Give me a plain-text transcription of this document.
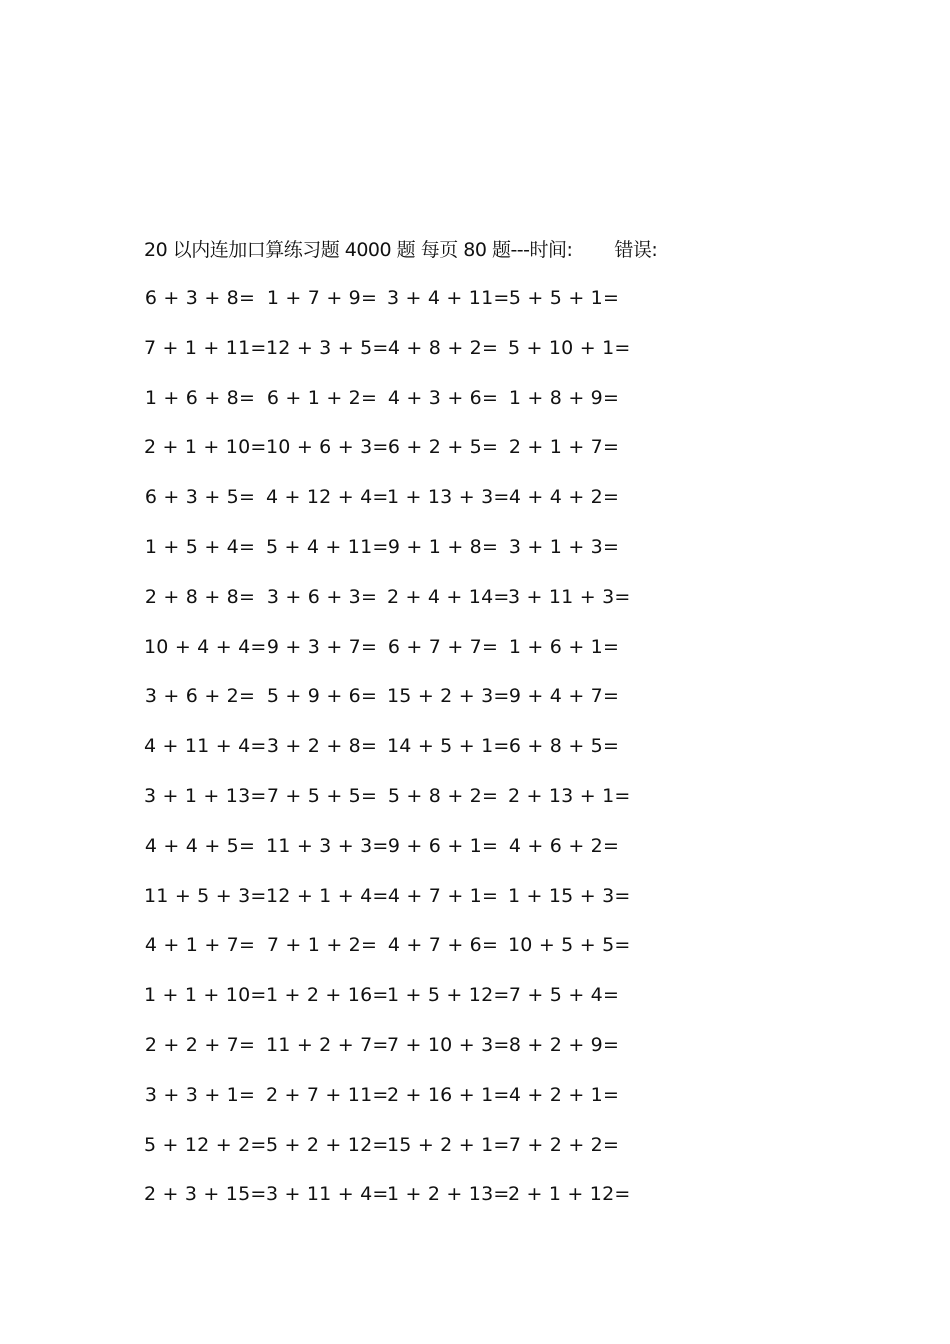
20 以内连加口算练习题 4000 题 每页 80 题---时间: 错误:
6 + 3 + 8= 1 + 7 + 9= 3 + 4 + 11= 5 + 5 + 1=
7 + 1 + 11= 12 + 3 + 5= 4 + 8 + 2= 5 + 10 + 1=
1 + 6 + 8= 6 + 1 + 2= 4 + 3 + 6= 1 + 8 + 9=
2 + 1 + 10= 10 + 6 + 3= 6 + 2 + 5= 2 + 1 + 7=
6 + 3 + 5= 4 + 12 + 4=
1 + 13 + 3= 4 + 4 + 2=
1 + 5 + 4= 5 + 4 + 11= 9 + 1 + 8= 3 + 1 + 3=
2 + 8 + 8= 3 + 6 + 3= 2 + 4 + 14=
3 + 11 + 3=
10 + 4 + 4= 9 + 3 + 7= 6 + 7 + 7= 1 + 6 + 1=
3 + 6 + 2= 5 + 9 + 6= 15 + 2 + 3= 9 + 4 + 7=
4 + 11 + 4= 3 + 2 + 8= 14 + 5 + 1= 6 + 8 + 5=
3 + 1 + 13= 7 + 5 + 5= 5 + 8 + 2= 2 + 13 + 1=
4 + 4 + 5= 11 + 3 + 3= 9 + 6 + 1= 4 + 6 + 2=
11 + 5 + 3= 12 + 1 + 4= 4 + 7 + 1= 1 + 15 + 3=
4 + 1 + 7= 7 + 1 + 2= 4 + 7 + 6= 10 + 5 + 5=
1 + 1 + 10= 1 + 2 + 16=
1 + 5 + 12= 7 + 5 + 4=
2 + 2 + 7= 11 + 2 + 7=
7 + 10 + 3= 8 + 2 + 9=
3 + 3 + 1= 2 + 7 + 11=
2 + 16 + 1= 4 + 2 + 1=
5 + 12 + 2= 5 + 2 + 12=
15 + 2 + 1= 7 + 2 + 2=
2 + 3 + 15= 3 + 11 + 4=
1 + 2 + 13=
2 + 1 + 12=
